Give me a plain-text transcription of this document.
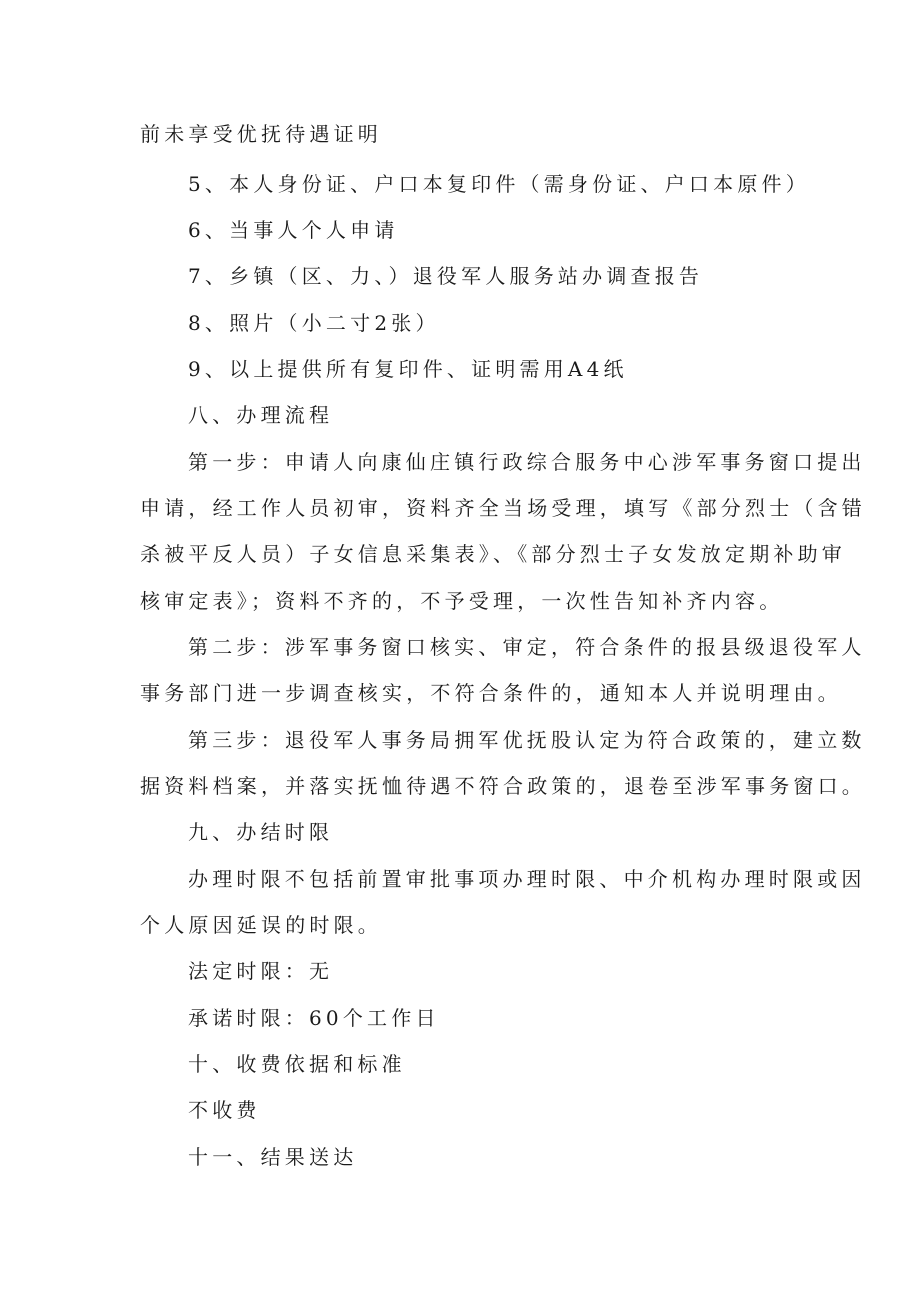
前未享受优抚待遇证明
5、本人身份证、户口本复印件（需身份证、户口本原件）
6、当事人个人申请
7、乡镇（区、力、）退役军人服务站办调查报告
8、照片（小二寸2张）
9、以上提供所有复印件、证明需用A4纸
八、办理流程
第一步：申请人向康仙庄镇行政综合服务中心涉军事务窗口提出
申请，经工作人员初审，资料齐全当场受理，填写《部分烈士（含错
杀被平反人员）子女信息采集表》、《部分烈士子女发放定期补助审
核审定表》；资料不齐的，不予受理，一次性告知补齐内容。
第二步：涉军事务窗口核实、审定，符合条件的报县级退役军人
事务部门进一步调查核实，不符合条件的，通知本人并说明理由。
第三步：退役军人事务局拥军优抚股认定为符合政策的，建立数
据资料档案，并落实抚恤待遇不符合政策的，退卷至涉军事务窗口。
九、办结时限
办理时限不包括前置审批事项办理时限、中介机构办理时限或因
个人原因延误的时限。
法定时限：无
承诺时限：60个工作日
十、收费依据和标准
不收费
十一、结果送达
